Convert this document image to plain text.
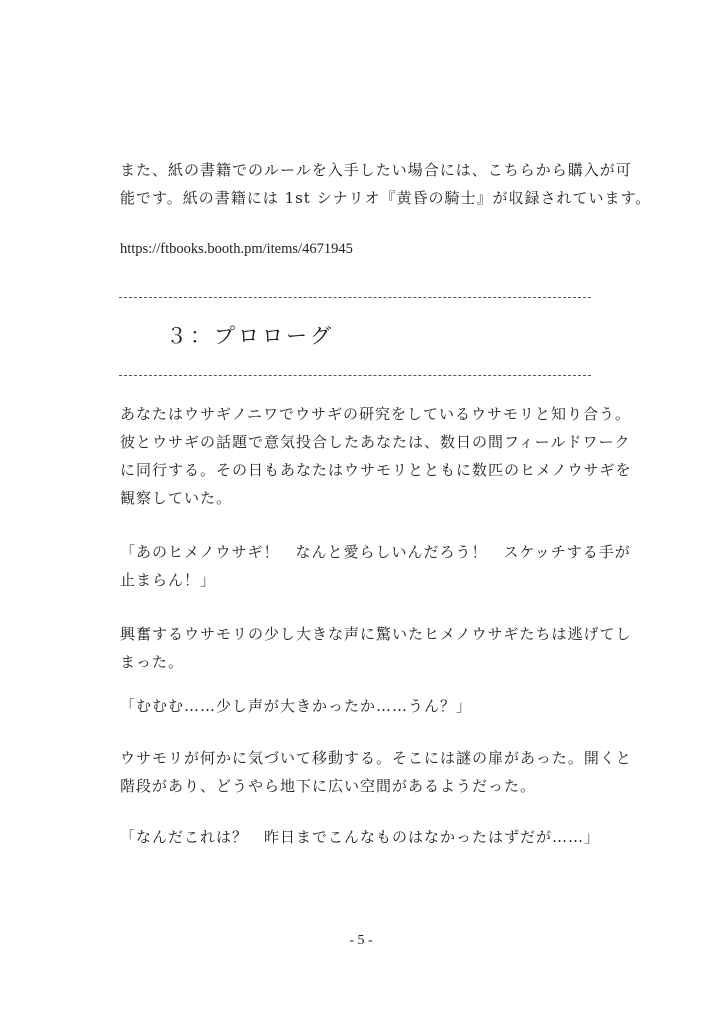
また、紙の書籍でのルールを入手したい場合には、こちらから購入が可
能です。紙の書籍には 1st シナリオ『黄昏の騎士』が収録されています。
https://ftbooks.booth.pm/items/4671945
３：プロローグ
あなたはウサギノニワでウサギの研究をしているウサモリと知り合う。
彼とウサギの話題で意気投合したあなたは、数日の間フィールドワーク
に同行する。その日もあなたはウサモリとともに数匹のヒメノウサギを
観察していた。
「あのヒメノウサギ！　なんと愛らしいんだろう！　スケッチする手が
止まらん！」
興奮するウサモリの少し大きな声に驚いたヒメノウサギたちは逃げてし
まった。
「むむむ……少し声が大きかったか……うん？」
ウサモリが何かに気づいて移動する。そこには謎の扉があった。開くと
階段があり、どうやら地下に広い空間があるようだった。
「なんだこれは？　昨日までこんなものはなかったはずだが……」
- 5 -
